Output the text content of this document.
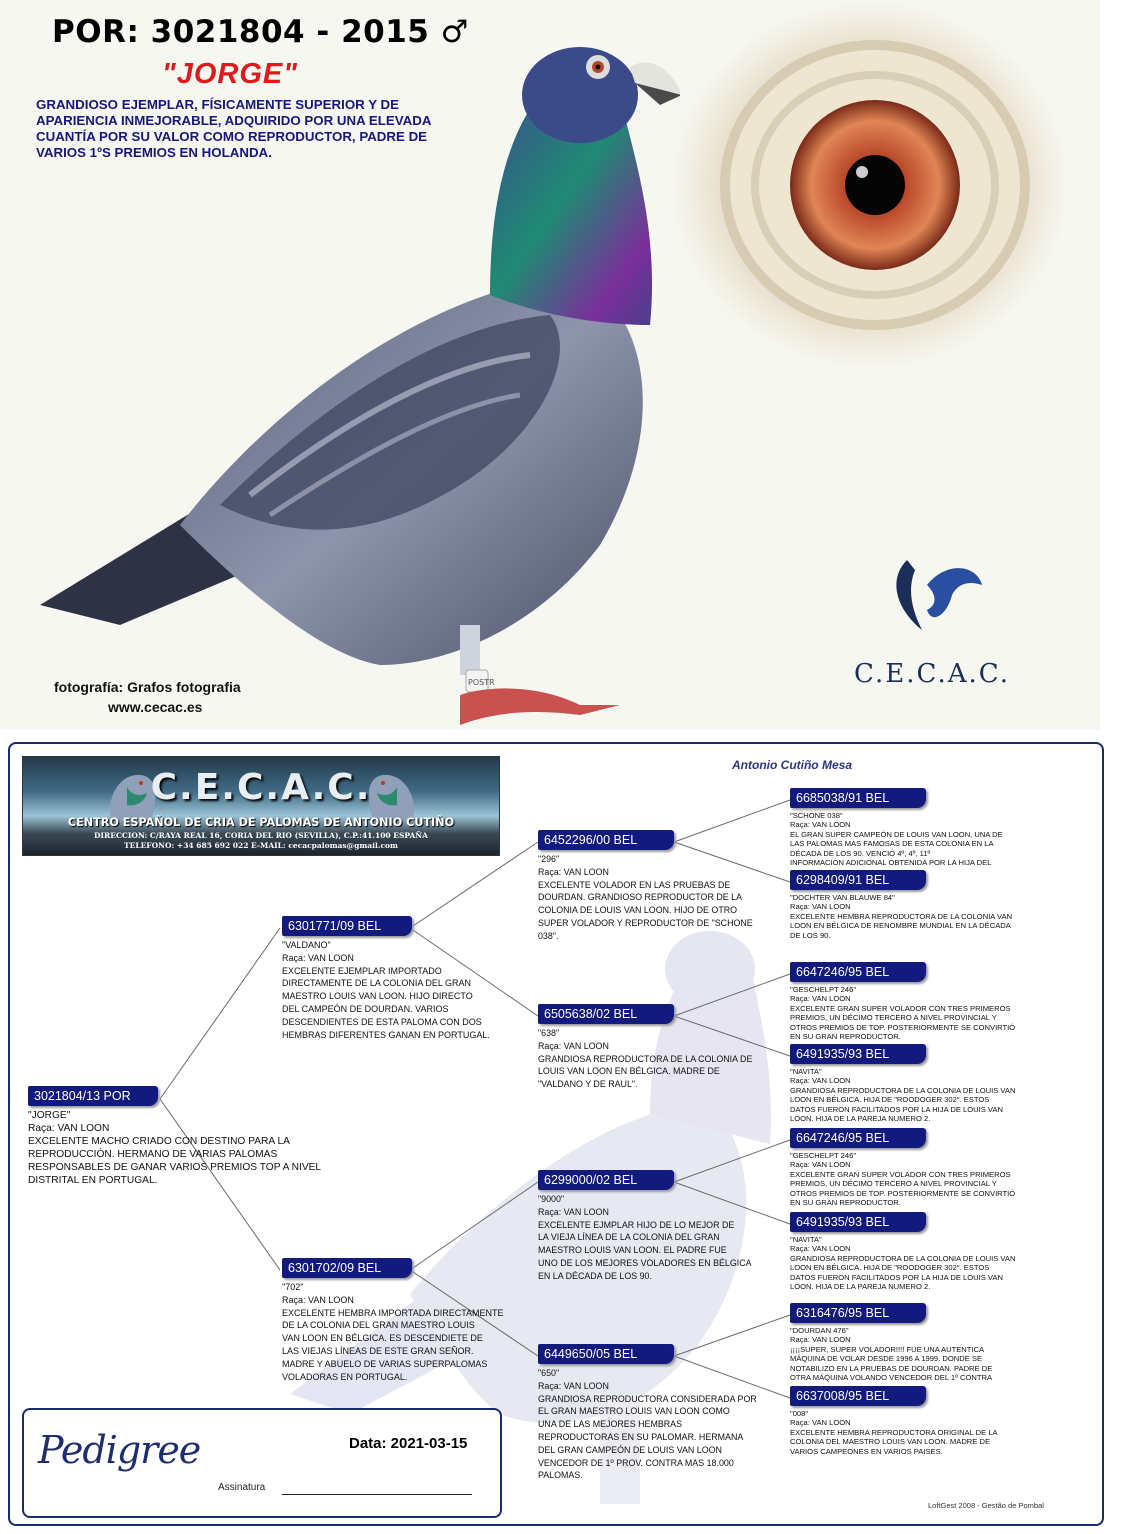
POSTR
POR: 3021804 - 2015 ♂
"JORGE"
GRANDIOSO EJEMPLAR, FÍSICAMENTE SUPERIOR Y DE APARIENCIA INMEJORABLE, ADQUIRIDO POR UNA ELEVADA CUANTÍA POR SU VALOR COMO REPRODUCTOR, PADRE DE VARIOS 1ºS PREMIOS EN HOLANDA.
fotografía: Grafos fotografia
www.cecac.es
C.E.C.A.C.
C.E.C.A.C.
CENTRO ESPAÑOL DE CRIA DE PALOMAS DE ANTONIO CUTIÑO
DIRECCION: C/RAYA REAL 16, CORIA DEL RIO (SEVILLA), C.P.:41.100 ESPAÑA
TELEFONO: +34 685 692 022 E-MAIL: cecacpalomas@gmail.com
Antonio Cutiño Mesa
3021804/13 POR
"JORGE"
Raça: VAN LOON
EXCELENTE MACHO CRIADO CON DESTINO PARA LA
REPRODUCCIÓN. HERMANO DE VARIAS PALOMAS
RESPONSABLES DE GANAR VARIOS PREMIOS TOP A NIVEL
DISTRITAL EN PORTUGAL.
6301771/09 BEL
"VALDANO"
Raça: VAN LOON
EXCELENTE EJEMPLAR IMPORTADO
DIRECTAMENTE DE LA COLONIA DEL GRAN
MAESTRO LOUIS VAN LOON. HIJO DIRECTO
DEL CAMPEÓN DE DOURDAN. VARIOS
DESCENDIENTES DE ESTA PALOMA CON DOS
HEMBRAS DIFERENTES GANAN EN PORTUGAL.
6301702/09 BEL
"702"
Raça: VAN LOON
EXCELENTE HEMBRA IMPORTADA DIRECTAMENTE
DE LA COLONIA DEL GRAN MAESTRO LOUIS
VAN LOON EN BÉLGICA. ES DESCENDIETE DE
LAS VIEJAS LÍNEAS DE ESTE GRAN SEÑOR.
MADRE Y ABUELO DE VARIAS SUPERPALOMAS
VOLADORAS EN PORTUGAL.
6452296/00 BEL
"296"
Raça: VAN LOON
EXCELENTE VOLADOR EN LAS PRUEBAS DE
DOURDAN. GRANDIOSO REPRODUCTOR DE LA
COLONIA DE LOUIS VAN LOON. HIJO DE OTRO
SUPER VOLADOR Y REPRODUCTOR DE "SCHONE
038".
6505638/02 BEL
"638"
Raça: VAN LOON
GRANDIOSA REPRODUCTORA DE LA COLONIA DE
LOUIS VAN LOON EN BÉLGICA. MADRE DE
"VALDANO Y DE RAUL".
6299000/02 BEL
"9000"
Raça: VAN LOON
EXCELENTE EJMPLAR HIJO DE LO MEJOR DE
LA VIEJA LÍNEA DE LA COLONIA DEL GRAN
MAESTRO LOUIS VAN LOON. EL PADRE FUE
UNO DE LOS MEJORES VOLADORES EN BÉLGICA
EN LA DÉCADA DE LOS 90.
6449650/05 BEL
"650"
Raça: VAN LOON
GRANDIOSA REPRODUCTORA CONSIDERADA POR
EL GRAN MAESTRO LOUIS VAN LOON COMO
UNA DE LAS MEJORES HEMBRAS
REPRODUCTORAS EN SU PALOMAR. HERMANA
DEL GRAN CAMPEÓN DE LOUIS VAN LOON
VENCEDOR DE 1º PROV. CONTRA MAS 18.000
PALOMAS.
6685038/91 BEL
"SCHONE 038"
Raça: VAN LOON
EL GRAN SUPER CAMPEÓN DE LOUIS VAN LOON, UNA DE
LAS PALOMAS MAS FAMOSAS DE ESTA COLONIA EN LA
DÉCADA DE LOS 90. VENCIÓ 4º, 4º, 11º
INFORMACION ADICIONAL OBTENIDA POR LA HIJA DEL
6298409/91 BEL
"DOCHTER VAN BLAUWE 84"
Raça: VAN LOON
EXCELENTE HEMBRA REPRODUCTORA DE LA COLONIA VAN
LOON EN BÉLGICA DE RENOMBRE MUNDIAL EN LA DÉCADA
DE LOS 90.
6647246/95 BEL
"GESCHELPT 246"
Raça: VAN LOON
EXCELENTE GRAN SUPER VOLADOR CON TRES PRIMEROS
PREMIOS, UN DÉCIMO TERCERO A NIVEL PROVINCIAL Y
OTROS PREMIOS DE TOP. POSTERIORMENTE SE CONVIRTIÓ
EN SU GRAN REPRODUCTOR.
6491935/93 BEL
"NAVITA"
Raça: VAN LOON
GRANDIOSA REPRODUCTORA DE LA COLONIA DE LOUIS VAN
LOON EN BÉLGICA. HIJA DE "ROODOGER 302". ESTOS
DATOS FUERON FACILITADOS POR LA HIJA DE LOUIS VAN
LOON. HIJA DE LA PAREJA NUMERO 2.
6647246/95 BEL
"GESCHELPT 246"
Raça: VAN LOON
EXCELENTE GRAN SUPER VOLADOR CON TRES PRIMEROS
PREMIOS, UN DÉCIMO TERCERO A NIVEL PROVINCIAL Y
OTROS PREMIOS DE TOP. POSTERIORMENTE SE CONVIRTIÓ
EN SU GRAN REPRODUCTOR.
6491935/93 BEL
"NAVITA"
Raça: VAN LOON
GRANDIOSA REPRODUCTORA DE LA COLONIA DE LOUIS VAN
LOON EN BÉLGICA. HIJA DE "ROODOGER 302". ESTOS
DATOS FUERON FACILITADOS POR LA HIJA DE LOUIS VAN
LOON. HIJA DE LA PAREJA NUMERO 2.
6316476/95 BEL
"DOURDAN 476"
Raça: VAN LOON
¡¡¡¡SUPER, SUPER VOLADOR!!!! FUE UNA AUTENTICA
MÁQUINA DE VOLAR DESDE 1996 A 1999. DONDE SE
NOTABILIZO EN LA PRUEBAS DE DOURDAN. PADRE DE
OTRA MÁQUINA VOLANDO VENCEDOR DEL 1º CONTRA
6637008/95 BEL
"008"
Raça: VAN LOON
EXCELENTE HEMBRA REPRODUCTORA ORIGINAL DE LA
COLONIA DEL MAESTRO LOUIS VAN LOON. MADRE DE
VARIOS CAMPEONES EN VARIOS PAISES.
Pedigree	Data: 2021-03-15
Assinatura
LoftGest 2008 - Gestão de Pombal
